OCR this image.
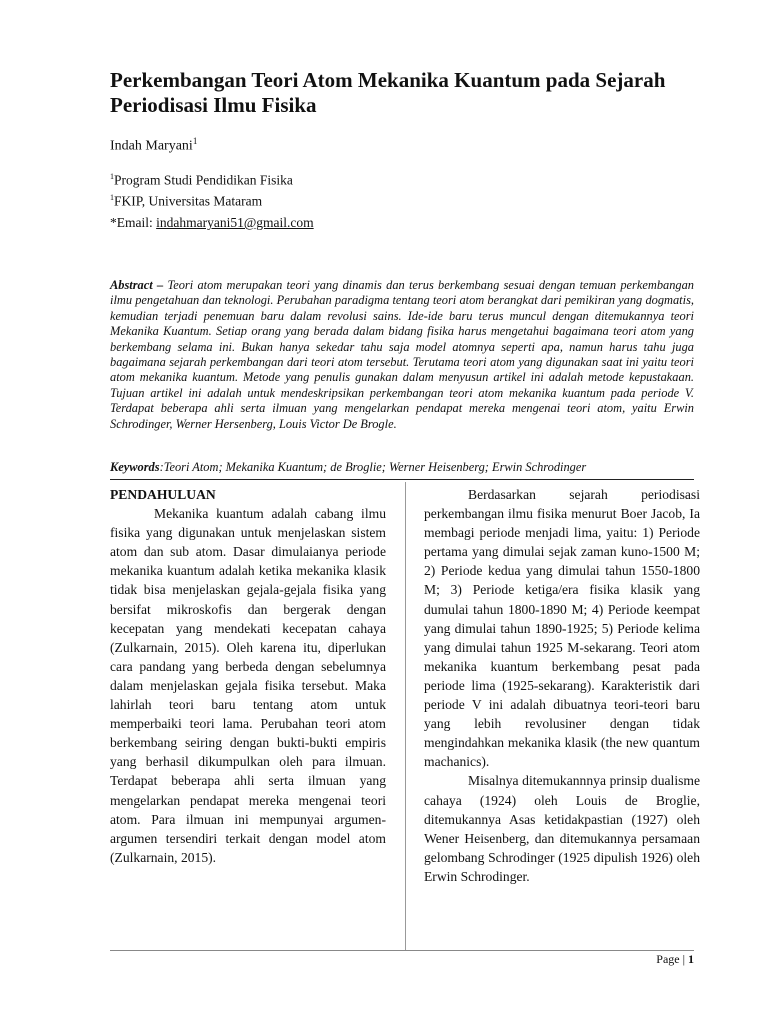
Perkembangan Teori Atom Mekanika Kuantum pada Sejarah Periodisasi Ilmu Fisika
Indah Maryani$^1$
$^1$Program Studi Pendidikan Fisika
$^1$FKIP, Universitas Mataram
*Email: indahmaryani51@gmail.com
Abstract – Teori atom merupakan teori yang dinamis dan terus berkembang sesuai dengan temuan perkembangan ilmu pengetahuan dan teknologi. Perubahan paradigma tentang teori atom berangkat dari pemikiran yang dogmatis, kemudian terjadi penemuan baru dalam revolusi sains. Ide-ide baru terus muncul dengan ditemukannya teori Mekanika Kuantum. Setiap orang yang berada dalam bidang fisika harus mengetahui bagaimana teori atom yang berkembang selama ini. Bukan hanya sekedar tahu saja model atomnya seperti apa, namun harus tahu juga bagaimana sejarah perkembangan dari teori atom tersebut. Terutama teori atom yang digunakan saat ini yaitu teori atom mekanika kuantum. Metode yang penulis gunakan dalam menyusun artikel ini adalah metode kepustakaan. Tujuan artikel ini adalah untuk mendeskripsikan perkembangan teori atom mekanika kuantum pada periode V. Terdapat beberapa ahli serta ilmuan yang mengelarkan pendapat mereka mengenai teori atom, yaitu Erwin Schrodinger, Werner Hersenberg, Louis Victor De Brogle.
Keywords:Teori Atom; Mekanika Kuantum; de Broglie; Werner Heisenberg; Erwin Schrodinger

PENDAHULUAN

Mekanika kuantum adalah cabang ilmu fisika yang digunakan untuk menjelaskan sistem atom dan sub atom. Dasar dimulaianya periode mekanika kuantum adalah ketika mekanika klasik tidak bisa menjelaskan gejala-gejala fisika yang bersifat mikroskofis dan bergerak dengan kecepatan yang mendekati kecepatan cahaya (Zulkarnain, 2015). Oleh karena itu, diperlukan cara pandang yang berbeda dengan sebelumnya dalam menjelaskan gejala fisika tersebut. Maka lahirlah teori baru tentang atom untuk memperbaiki teori lama. Perubahan teori atom berkembang seiring dengan bukti-bukti empiris yang berhasil dikumpulkan oleh para ilmuan. Terdapat beberapa ahli serta ilmuan yang mengelarkan pendapat mereka mengenai teori atom. Para ilmuan ini mempunyai argumen-argumen tersendiri terkait dengan model atom (Zulkarnain, 2015).

Berdasarkan sejarah periodisasi perkembangan ilmu fisika menurut Boer Jacob, Ia membagi periode menjadi lima, yaitu: 1) Periode pertama yang dimulai sejak zaman kuno-1500 M; 2) Periode kedua yang dimulai tahun 1550-1800 M; 3) Periode ketiga/era fisika klasik yang dumulai tahun 1800-1890 M; 4) Periode keempat yang dimulai tahun 1890-1925; 5) Periode kelima yang dimulai tahun 1925 M-sekarang. Teori atom mekanika kuantum berkembang pesat pada periode lima (1925-sekarang). Karakteristik dari periode V ini adalah dibuatnya teori-teori baru yang lebih revolusiner dengan tidak mengindahkan mekanika klasik (the new quantum machanics).

Misalnya ditemukannnya prinsip dualisme cahaya (1924) oleh Louis de Broglie, ditemukannya Asas ketidakpastian (1927) oleh Wener Heisenberg, dan ditemukannya persamaan gelombang Schrodinger (1925 dipulish 1926) oleh Erwin Schrodinger.

Page | 1
